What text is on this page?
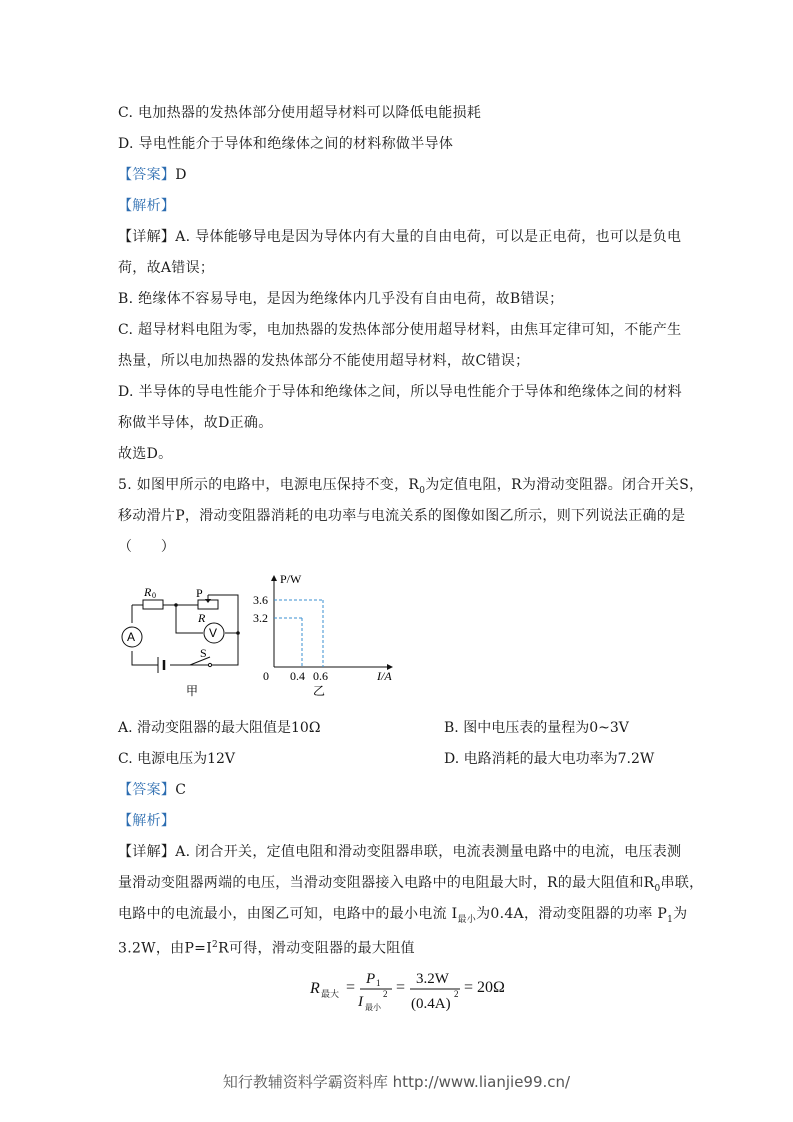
C. 电加热器的发热体部分使用超导材料可以降低电能损耗
D. 导电性能介于导体和绝缘体之间的材料称做半导体
【答案】D
【解析】
【详解】A. 导体能够导电是因为导体内有大量的自由电荷，可以是正电荷，也可以是负电
荷，故A错误；
B. 绝缘体不容易导电，是因为绝缘体内几乎没有自由电荷，故B错误；
C. 超导材料电阻为零，电加热器的发热体部分使用超导材料，由焦耳定律可知，不能产生
热量，所以电加热器的发热体部分不能使用超导材料，故C错误；
D. 半导体的导电性能介于导体和绝缘体之间，所以导电性能介于导体和绝缘体之间的材料
称做半导体，故D正确。
故选D。
5. 如图甲所示的电路中，电源电压保持不变，$R_0$为定值电阻，R为滑动变阻器。闭合开关S，
移动滑片P，滑动变阻器消耗的电功率与电流关系的图像如图乙所示，则下列说法正确的是
（　　）
R 0	P
R
A	V
S
甲
P/W
I/A
0
3.6
3.2
0.4 0.6
乙
A. 滑动变阻器的最大阻值是10Ω	B. 图中电压表的量程为0~3V
C. 电源电压为12V	D. 电路消耗的最大电功率为7.2W
【答案】C
【解析】
【详解】A. 闭合开关，定值电阻和滑动变阻器串联，电流表测量电路中的电流，电压表测
量滑动变阻器两端的电压，当滑动变阻器接入电路中的电阻最大时，R的最大阻值和$R_0$串联，
电路中的电流最小，由图乙可知，电路中的最小电流 $I_{最小}$为0.4A，滑动变阻器的功率 $P_1$为
3.2W，由$P=I^2R$可得，滑动变阻器的最大阻值
R 最大 = P 1
I 最小
2 = 3.2W
(0.4A)
2 = 20Ω
知行教辅资料学霸资料库 http://www.lianjie99.cn/
